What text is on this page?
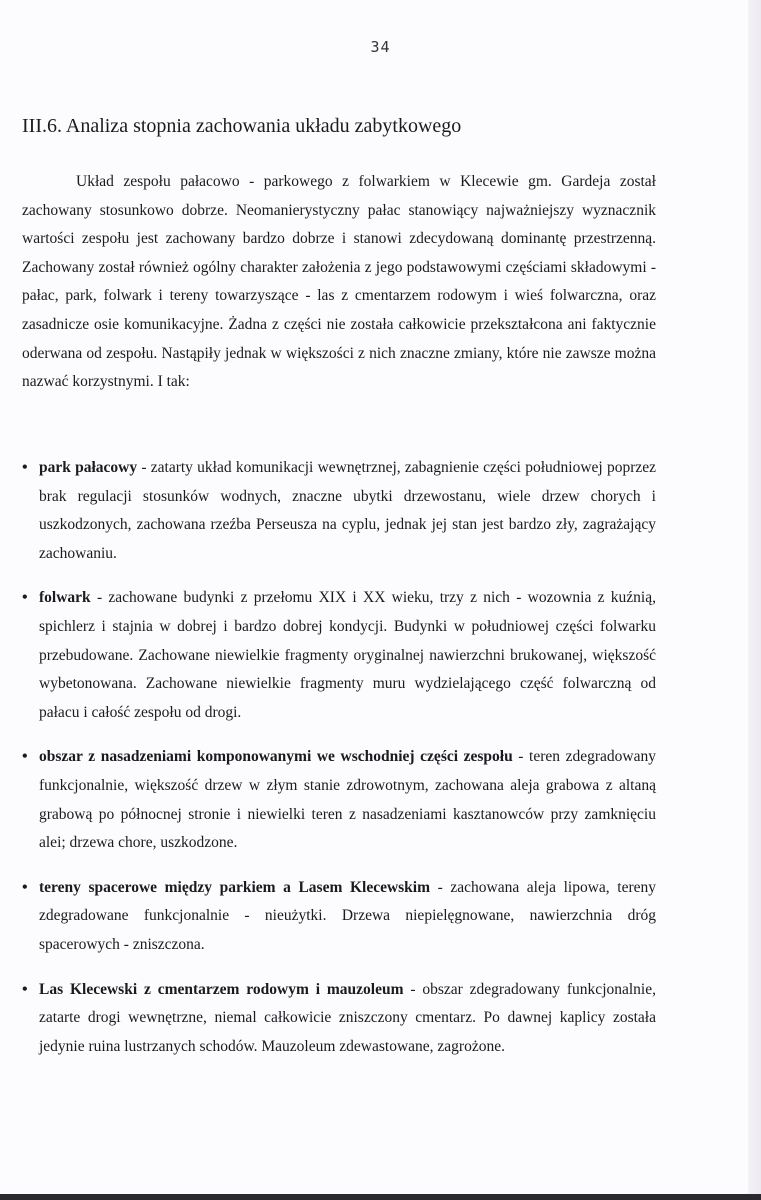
34
III.6. Analiza stopnia zachowania układu zabytkowego

Układ zespołu pałacowo - parkowego z folwarkiem w Klecewie gm. Gardeja został zachowany stosunkowo dobrze. Neomanierystyczny pałac stanowiący najważniejszy wyznacznik wartości zespołu jest zachowany bardzo dobrze i stanowi zdecydowaną dominantę przestrzenną. Zachowany został również ogólny charakter założenia z jego podstawowymi częściami składowymi - pałac, park, folwark i tereny towarzyszące - las z cmentarzem rodowym i wieś folwarczna, oraz zasadnicze osie komunikacyjne. Żadna z części nie została całkowicie przekształcona ani faktycznie oderwana od zespołu. Nastąpiły jednak w większości z nich znaczne zmiany, które nie zawsze można nazwać korzystnymi. I tak:

• park pałacowy - zatarty układ komunikacji wewnętrznej, zabagnienie części południowej poprzez brak regulacji stosunków wodnych, znaczne ubytki drzewostanu, wiele drzew chorych i uszkodzonych, zachowana rzeźba Perseusza na cyplu, jednak jej stan jest bardzo zły, zagrażający zachowaniu.
• folwark - zachowane budynki z przełomu XIX i XX wieku, trzy z nich - wozownia z kuźnią, spichlerz i stajnia w dobrej i bardzo dobrej kondycji. Budynki w południowej części folwarku przebudowane. Zachowane niewielkie fragmenty oryginalnej nawierzchni brukowanej, większość wybetonowana. Zachowane niewielkie fragmenty muru wydzielającego część folwarczną od pałacu i całość zespołu od drogi.
• obszar z nasadzeniami komponowanymi we wschodniej części zespołu - teren zdegradowany funkcjonalnie, większość drzew w złym stanie zdrowotnym, zachowana aleja grabowa z altaną grabową po północnej stronie i niewielki teren z nasadzeniami kasztanowców przy zamknięciu alei; drzewa chore, uszkodzone.
• tereny spacerowe między parkiem a Lasem Klecewskim - zachowana aleja lipowa, tereny zdegradowane funkcjonalnie - nieużytki. Drzewa niepielęgnowane, nawierzchnia dróg spacerowych - zniszczona.
• Las Klecewski z cmentarzem rodowym i mauzoleum - obszar zdegradowany funkcjonalnie, zatarte drogi wewnętrzne, niemal całkowicie zniszczony cmentarz. Po dawnej kaplicy została jedynie ruina lustrzanych schodów. Mauzoleum zdewastowane, zagrożone.
